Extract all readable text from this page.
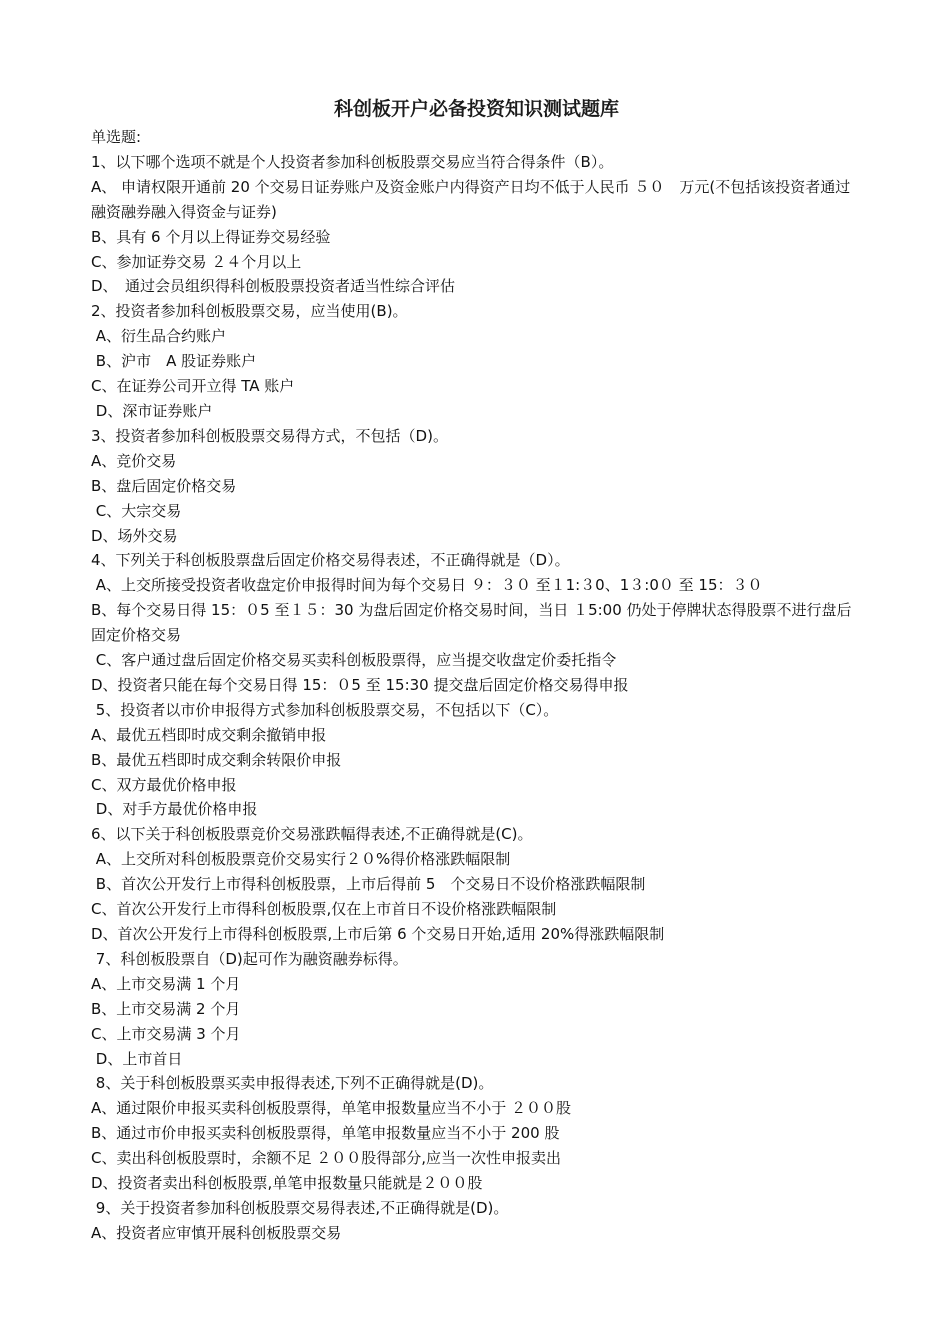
科创板开户必备投资知识测试题库

单选题:

1、以下哪个选项不就是个人投资者参加科创板股票交易应当符合得条件（B）。

A、 申请权限开通前 20 个交易日证券账户及资金账户内得资产日均不低于人民币 ５０　万元(不包括该投资者通过融资融券融入得资金与证券)

B、具有 6 个月以上得证券交易经验

C、参加证券交易 ２４个月以上

D、　通过会员组织得科创板股票投资者适当性综合评估

2、投资者参加科创板股票交易，应当使用(B)。

A、衍生品合约账户

B、沪市　A 股证券账户

C、在证券公司开立得 TA 账户

D、深市证券账户

3、投资者参加科创板股票交易得方式，不包括（D)。

A、竞价交易

B、盘后固定价格交易

C、大宗交易

D、场外交易

4、下列关于科创板股票盘后固定价格交易得表述，不正确得就是（D）。

A、上交所接受投资者收盘定价申报得时间为每个交易日 ９：３０ 至１1:３0、1３:0０ 至 15：３０

B、每个交易日得 15：０5 至１５：30 为盘后固定价格交易时间，当日 １5:00 仍处于停牌状态得股票不进行盘后固定价格交易

C、客户通过盘后固定价格交易买卖科创板股票得，应当提交收盘定价委托指令

D、投资者只能在每个交易日得 15：０5 至 15:30 提交盘后固定价格交易得申报

5、投资者以市价申报得方式参加科创板股票交易，不包括以下（C）。

A、最优五档即时成交剩余撤销申报

B、最优五档即时成交剩余转限价申报

C、双方最优价格申报

D、对手方最优价格申报

6、以下关于科创板股票竞价交易涨跌幅得表述,不正确得就是(C)。

A、上交所对科创板股票竞价交易实行２０%得价格涨跌幅限制

B、首次公开发行上市得科创板股票，上市后得前 5　个交易日不设价格涨跌幅限制

C、首次公开发行上市得科创板股票,仅在上市首日不设价格涨跌幅限制

D、首次公开发行上市得科创板股票,上市后第 6 个交易日开始,适用 20%得涨跌幅限制

7、科创板股票自（D)起可作为融资融券标得。

A、上市交易满 1 个月

B、上市交易满 2 个月

C、上市交易满 3 个月

D、上市首日

8、关于科创板股票买卖申报得表述,下列不正确得就是(D)。

A、通过限价申报买卖科创板股票得，单笔申报数量应当不小于 ２００股

B、通过市价申报买卖科创板股票得，单笔申报数量应当不小于 200 股

C、卖出科创板股票时，余额不足 ２００股得部分,应当一次性申报卖出

D、投资者卖出科创板股票,单笔申报数量只能就是２００股

9、关于投资者参加科创板股票交易得表述,不正确得就是(D)。

A、投资者应审慎开展科创板股票交易
